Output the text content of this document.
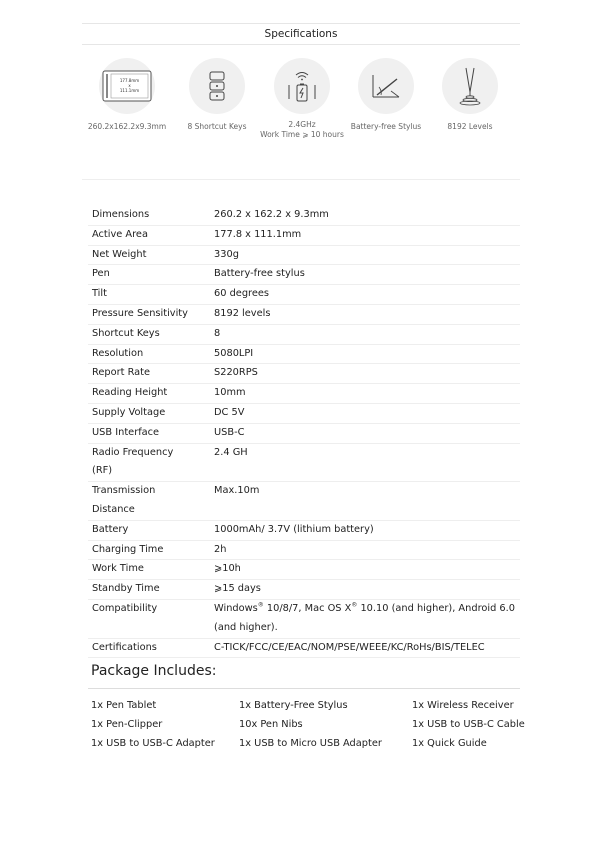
Specifications
177.8mm
x
111.1mm
260.2x162.2x9.3mm	8 Shortcut Keys	2.4GHz
Work Time ⩾ 10 hours
Battery-free Stylus	8192 Levels
Dimensions	260.2 x 162.2 x 9.3mm
Active Area	177.8 x 111.1mm
Net Weight	330g
Pen	Battery-free stylus
Tilt	60 degrees
Pressure Sensitivity	8192 levels
Shortcut Keys	8
Resolution	5080LPI
Report Rate	S220RPS
Reading Height	10mm
Supply Voltage	DC 5V
USB Interface	USB-C

Radio Frequency
(RF)	2.4 GH

Transmission
Distance	Max.10m
Battery	1000mAh/ 3.7V (lithium battery)
Charging Time	2h
Work Time	⩾10h
Standby Time	⩾15 days
Compatibility	Windows® 10/8/7, Mac OS X® 10.10 (and higher), Android 6.0
(and higher).

Certifications	C-TICK/FCC/CE/EAC/NOM/PSE/WEEE/KC/RoHs/BIS/TELEC
Package Includes:
1x Pen Tablet	1x Battery-Free Stylus	1x Wireless Receiver
1x Pen-Clipper	10x Pen Nibs	1x USB to USB-C Cable
1x USB to USB-C Adapter 1x USB to Micro USB Adapter	1x Quick Guide
